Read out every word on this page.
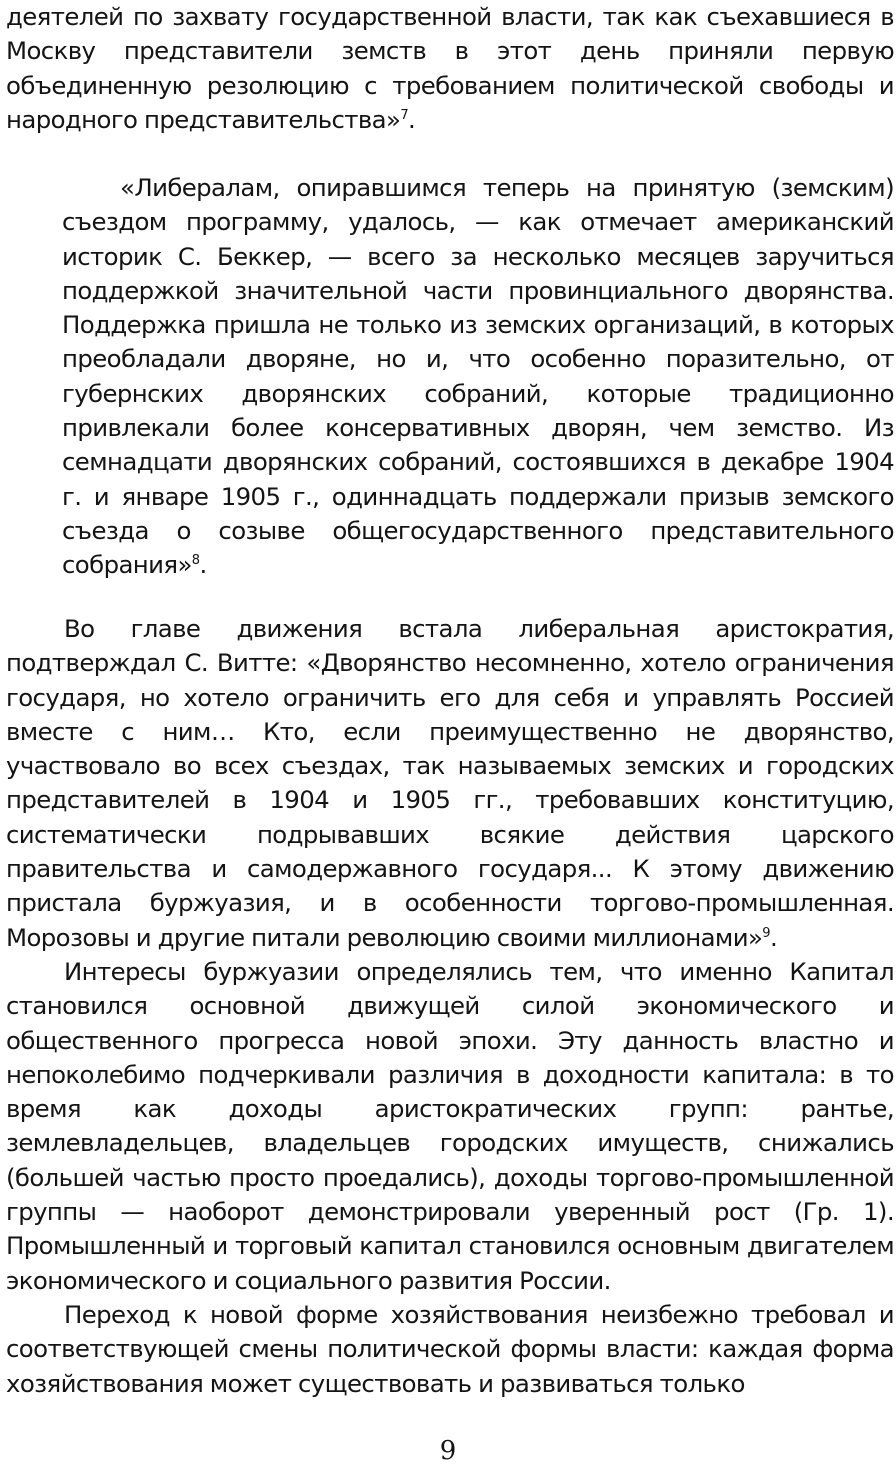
деятелей по захвату государственной власти, так как съехавшиеся в Москву представители земств в этот день приняли первую объединенную резолюцию с требованием политической свободы и народного представительства»$^7$.

«Либералам, опиравшимся теперь на принятую (земским) съездом программу, удалось, — как отмечает американский историк С. Беккер, — всего за несколько месяцев заручиться поддержкой значительной части провинциального дворянства. Поддержка пришла не только из земских организаций, в которых преобладали дворяне, но и, что особенно поразительно, от губернских дворянских собраний, которые традиционно привлекали более консервативных дворян, чем земство. Из семнадцати дворянских собраний, состоявшихся в декабре 1904 г. и январе 1905 г., одиннадцать поддержали призыв земского съезда о созыве общегосударственного представительного собрания»$^8$.

Во главе движения встала либеральная аристократия, подтверждал С. Витте: «Дворянство несомненно, хотело ограничения государя, но хотело ограничить его для себя и управлять Россией вместе с ним… Кто, если преимущественно не дворянство, участвовало во всех съездах, так называемых земских и городских представителей в 1904 и 1905 гг., требовавших конституцию, систематически подрывавших всякие действия царского правительства и самодержавного государя... К этому движению пристала буржуазия, и в особенности торгово-промышленная. Морозовы и другие питали революцию своими миллионами»$^9$.

Интересы буржуазии определялись тем, что именно Капитал становился основной движущей силой экономического и общественного прогресса новой эпохи. Эту данность властно и непоколебимо подчеркивали различия в доходности капитала: в то время как доходы аристократических групп: рантье, землевладельцев, владельцев городских имуществ, снижались (большей частью просто проедались), доходы торгово-промышленной группы — наоборот демонстрировали уверенный рост (Гр. 1). Промышленный и торговый капитал становился основным двигателем экономического и социального развития России.

Переход к новой форме хозяйствования неизбежно требовал и соответствующей смены политической формы власти: каждая форма хозяйствования может существовать и развиваться только

9
